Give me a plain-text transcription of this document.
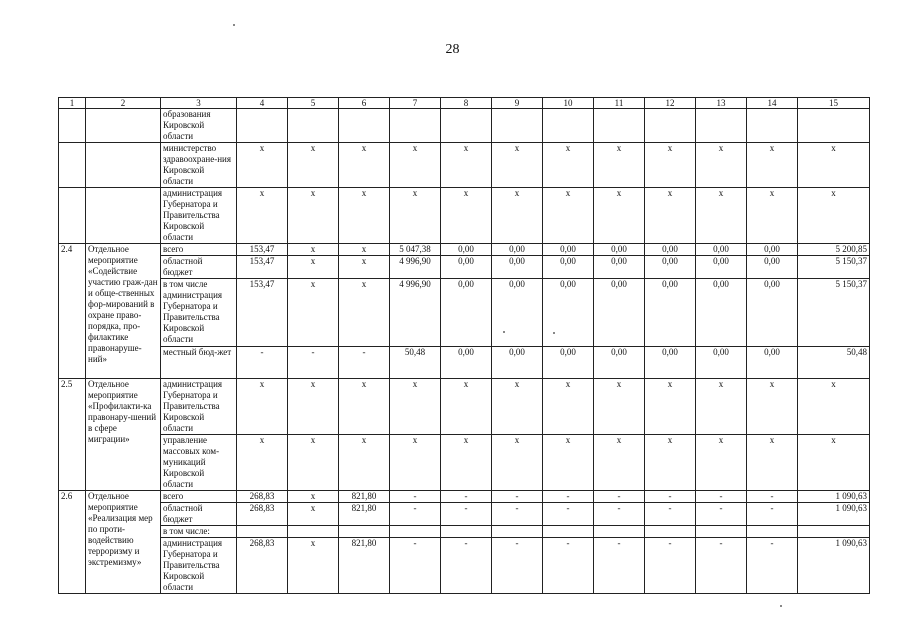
28
1	2	3	4	5	6	7	8	9	10	11	12	13	14	15
		образования Кировской области												
		министерство здравоохране-ния Кировской области	x	x	x	x	x	x	x	x	x	x	x	x
		администрация Губернатора и Правительства Кировской области	x	x	x	x	x	x	x	x	x	x	x	x
2.4	Отдельное мероприятие «Содействие участию граж-дан и обще-ственных фор-мирований в охране право-порядка, про-филактике правонаруше-ний»	всего	153,47	x	x	5 047,38	0,00	0,00	0,00	0,00	0,00	0,00	0,00	5 200,85
		областной бюджет	153,47	x	x	4 996,90	0,00	0,00	0,00	0,00	0,00	0,00	0,00	5 150,37
		в том числе администрация Губернатора и Правительства Кировской области	153,47	x	x	4 996,90	0,00	0,00	0,00	0,00	0,00	0,00	0,00	5 150,37
		местный бюд-жет	-	-	-	50,48	0,00	0,00	0,00	0,00	0,00	0,00	0,00	50,48
2.5	Отдельное мероприятие «Профилакти-ка правонару-шений в сфере миграции»	администрация Губернатора и Правительства Кировской области	x	x	x	x	x	x	x	x	x	x	x	x
		управление массовых ком-муникаций Кировской области	x	x	x	x	x	x	x	x	x	x	x	x
2.6	Отдельное мероприятие «Реализация мер по проти-водействию терроризму и экстремизму»	всего	268,83	x	821,80	-	-	-	-	-	-	-	-	1 090,63
		областной бюджет	268,83	x	821,80	-	-	-	-	-	-	-	-	1 090,63
		в том числе:												
		администрация Губернатора и Правительства Кировской области	268,83	x	821,80	-	-	-	-	-	-	-	-	1 090,63
